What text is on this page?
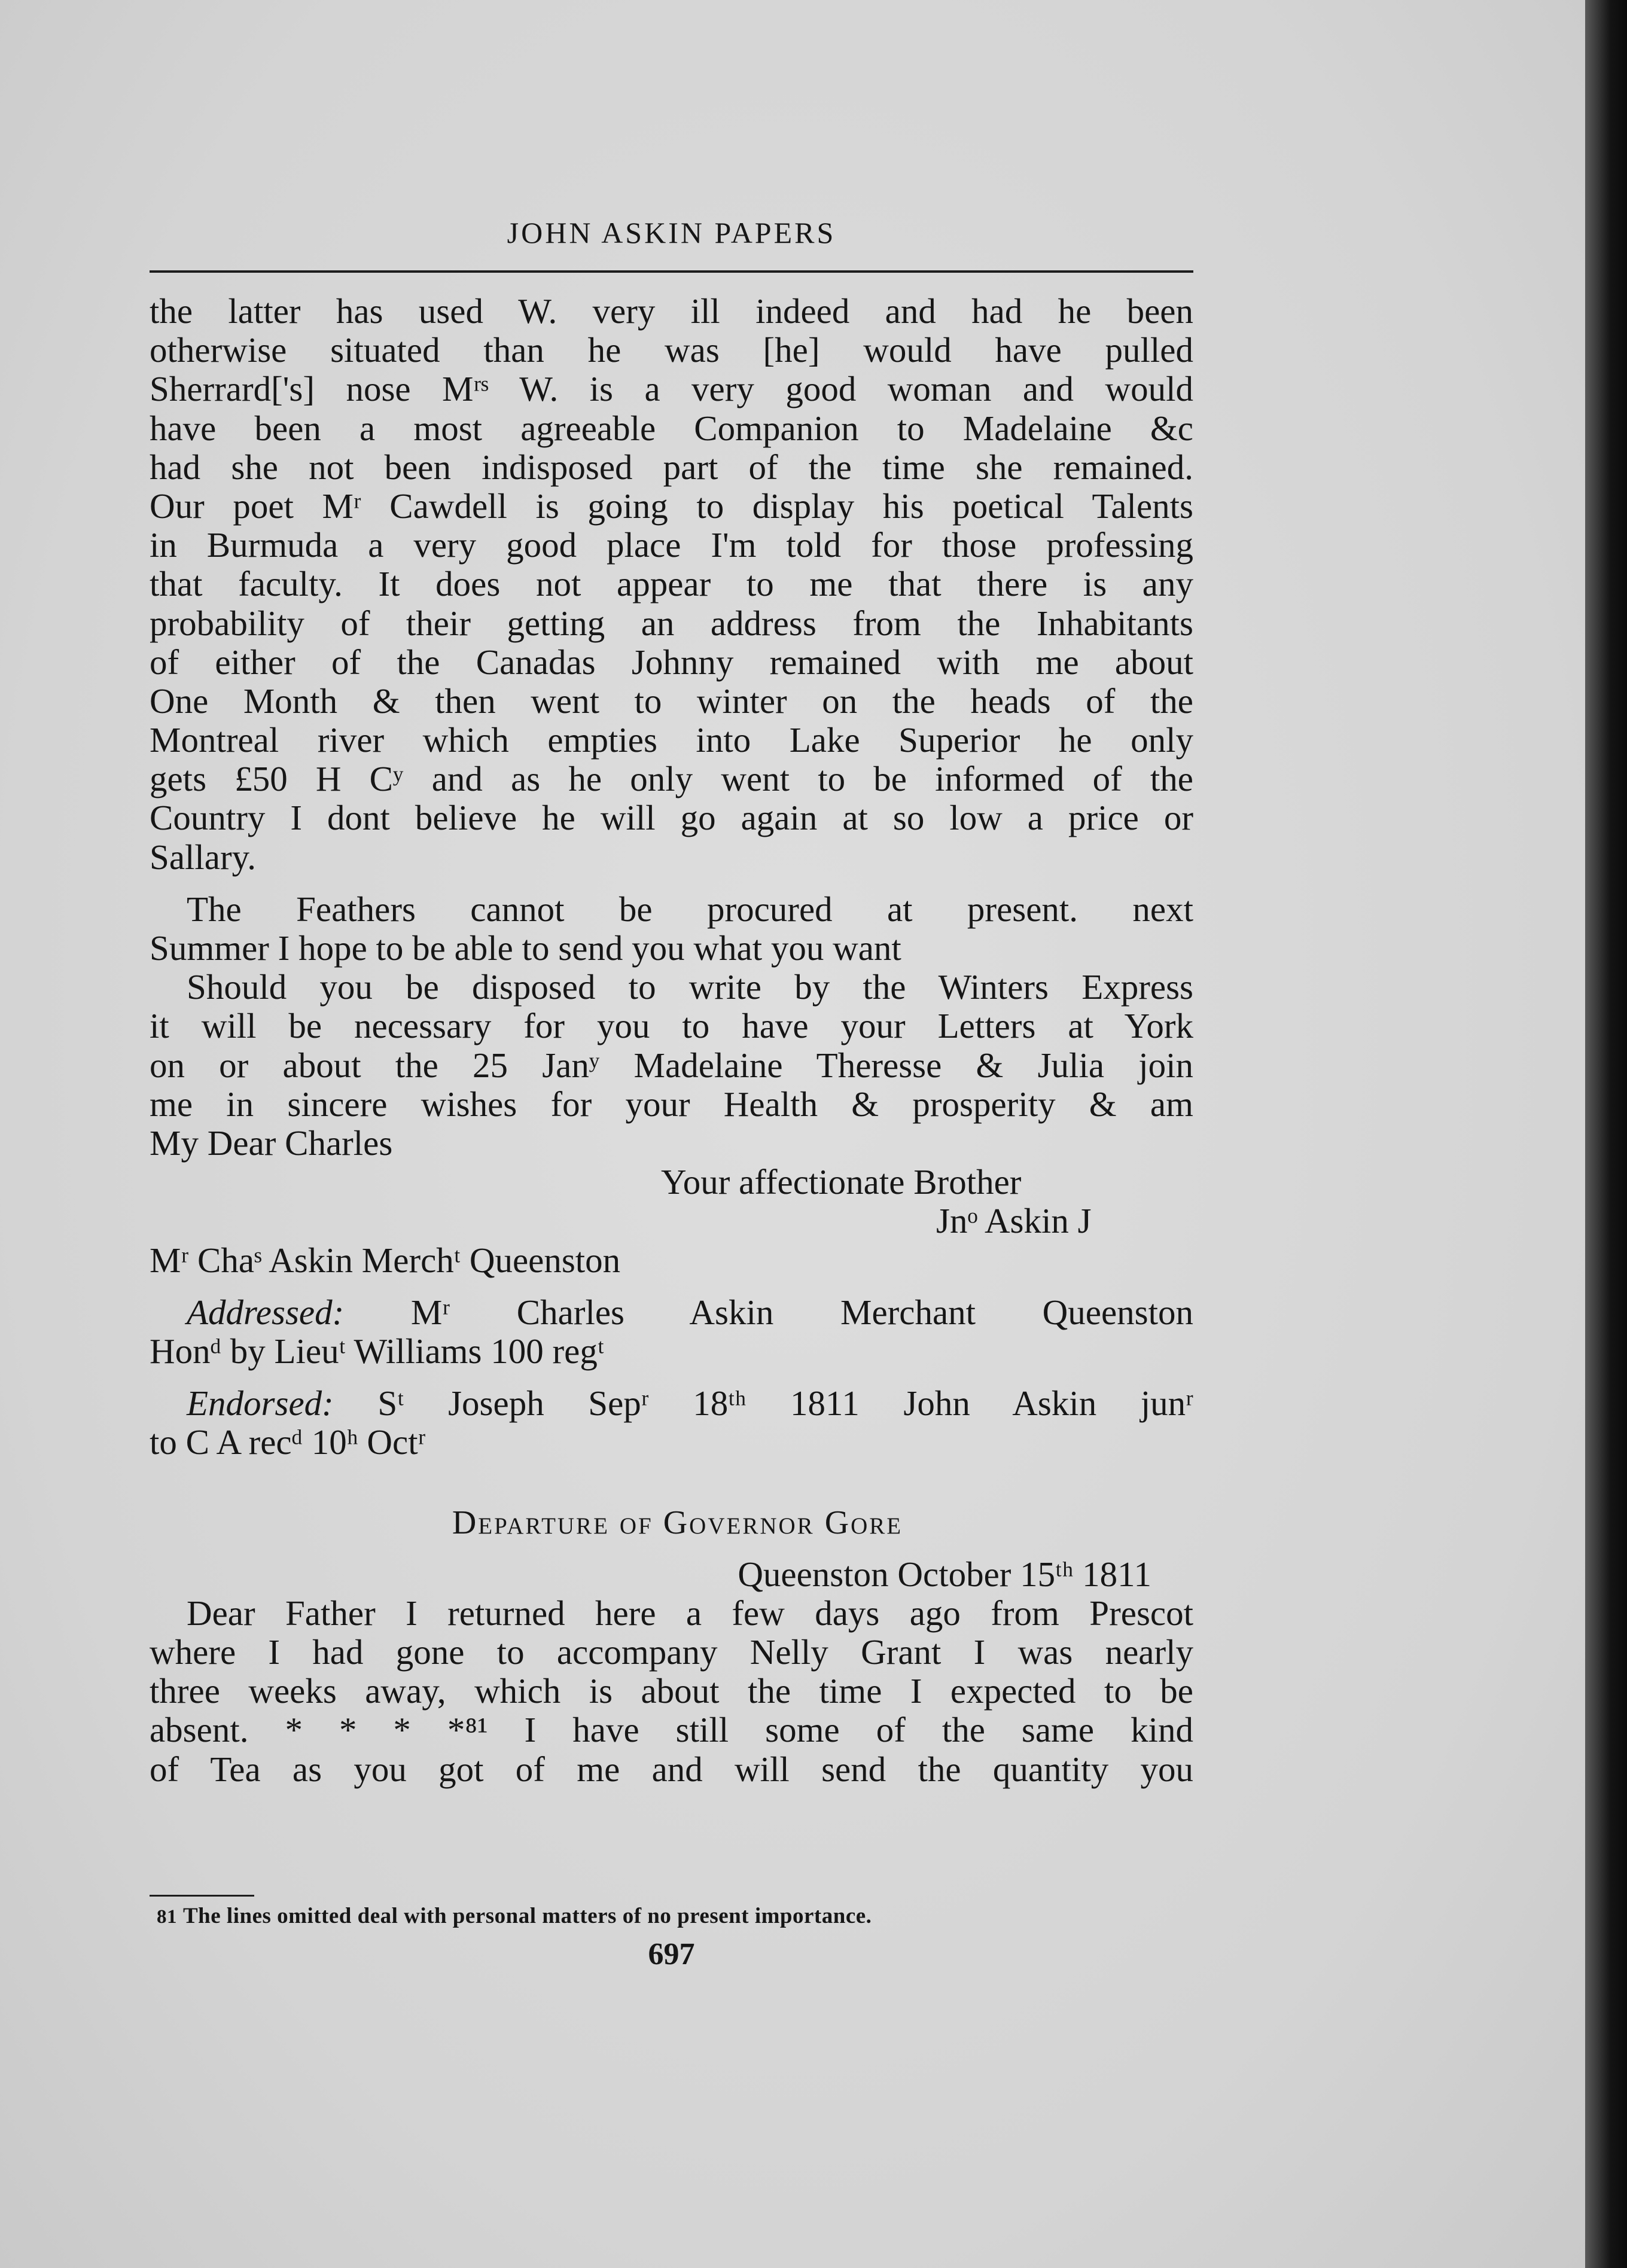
JOHN ASKIN PAPERS
the latter has used W. very ill indeed and had he been
otherwise situated than he was [he] would have pulled
Sherrard['s] nose Mʳˢ W. is a very good woman and would
have been a most agreeable Companion to Madelaine &c
had she not been indisposed part of the time she remained.
Our poet Mʳ Cawdell is going to display his poetical Talents
in Burmuda a very good place I'm told for those professing
that faculty. It does not appear to me that there is any
probability of their getting an address from the Inhabitants
of either of the Canadas Johnny remained with me about
One Month & then went to winter on the heads of the
Montreal river which empties into Lake Superior he only
gets £50 H Cʸ and as he only went to be informed of the
Country I dont believe he will go again at so low a price or
Sallary.
The Feathers cannot be procured at present. next
Summer I hope to be able to send you what you want
Should you be disposed to write by the Winters Express
it will be necessary for you to have your Letters at York
on or about the 25 Janʸ Madelaine Theresse & Julia join
me in sincere wishes for your Health & prosperity & am
My Dear Charles
Your affectionate Brother
Jnᵒ Askin J
Mʳ Chaˢ Askin Merchᵗ Queenston
Addressed: Mʳ Charles Askin Merchant Queenston
Honᵈ by Lieuᵗ Williams 100 regᵗ
Endorsed: Sᵗ Joseph Sepʳ 18ᵗʰ 1811 John Askin junʳ
to C A recᵈ 10ʰ Octʳ
Departure of Governor Gore
Queenston October 15ᵗʰ 1811
Dear Father I returned here a few days ago from Prescot
where I had gone to accompany Nelly Grant I was nearly
three weeks away, which is about the time I expected to be
absent. * * * *⁸¹ I have still some of the same kind
of Tea as you got of me and will send the quantity you
81 The lines omitted deal with personal matters of no present importance.
697
